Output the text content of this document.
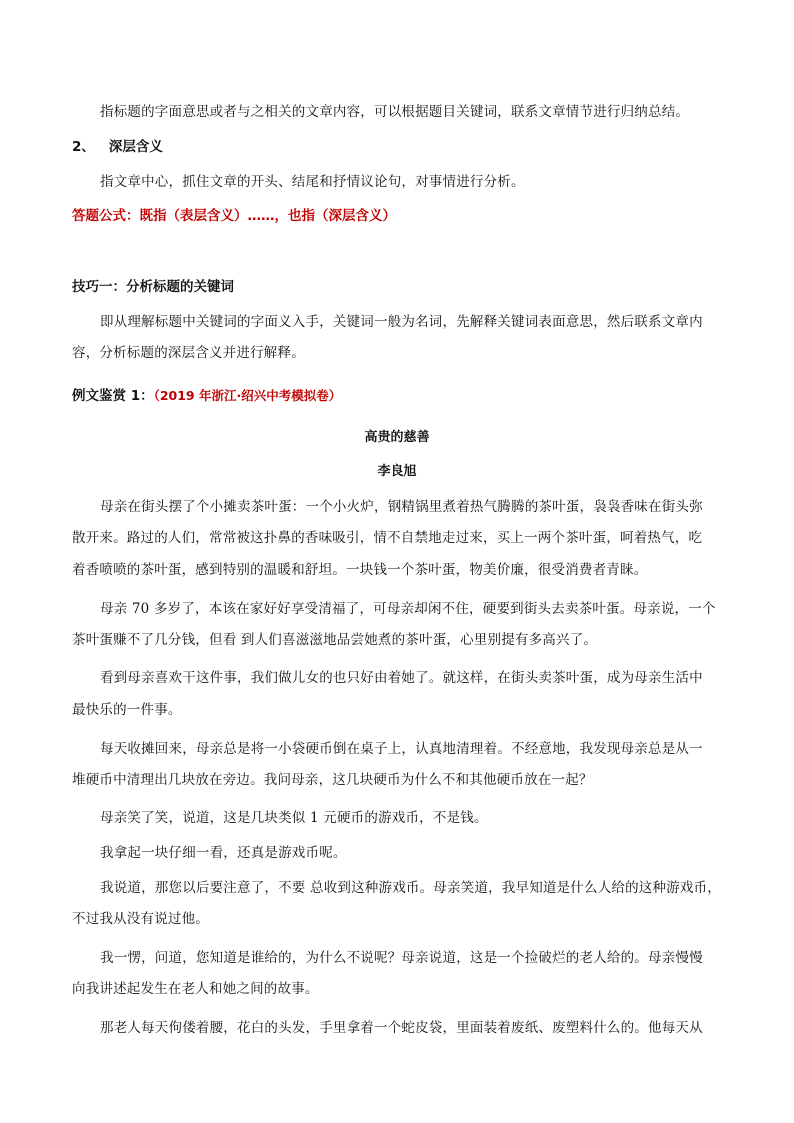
指标题的字面意思或者与之相关的文章内容，可以根据题目关键词，联系文章情节进行归纳总结。
2、 深层含义
指文章中心，抓住文章的开头、结尾和抒情议论句，对事情进行分析。
答题公式：既指（表层含义）……，也指（深层含义）
技巧一：分析标题的关键词
即从理解标题中关键词的字面义入手，关键词一般为名词，先解释关键词表面意思，然后联系文章内
容，分析标题的深层含义并进行解释。
例文鉴赏 1：（2019 年浙江·绍兴中考模拟卷）
高贵的慈善
李良旭
母亲在街头摆了个小摊卖茶叶蛋：一个小火炉，钢精锅里煮着热气腾腾的茶叶蛋，袅袅香味在街头弥
散开来。路过的人们，常常被这扑鼻的香味吸引，情不自禁地走过来，买上一两个茶叶蛋，呵着热气，吃
着香喷喷的茶叶蛋，感到特别的温暖和舒坦。一块钱一个茶叶蛋，物美价廉，很受消费者青睐。
母亲 70 多岁了，本该在家好好享受清福了，可母亲却闲不住，硬要到街头去卖茶叶蛋。母亲说，一个
茶叶蛋赚不了几分钱，但看 到人们喜滋滋地品尝她煮的茶叶蛋，心里别提有多高兴了。
看到母亲喜欢干这件事，我们做儿女的也只好由着她了。就这样，在街头卖茶叶蛋，成为母亲生活中
最快乐的一件事。
每天收摊回来，母亲总是将一小袋硬币倒在桌子上，认真地清理着。不经意地，我发现母亲总是从一
堆硬币中清理出几块放在旁边。我问母亲，这几块硬币为什么不和其他硬币放在一起？
母亲笑了笑，说道，这是几块类似 1 元硬币的游戏币，不是钱。
我拿起一块仔细一看，还真是游戏币呢。
我说道，那您以后要注意了，不要 总收到这种游戏币。母亲笑道，我早知道是什么人给的这种游戏币，
不过我从没有说过他。
我一愣，问道，您知道是谁给的，为什么不说呢？母亲说道，这是一个捡破烂的老人给的。母亲慢慢
向我讲述起发生在老人和她之间的故事。
那老人每天佝偻着腰，花白的头发，手里拿着一个蛇皮袋，里面装着废纸、废塑料什么的。他每天从
